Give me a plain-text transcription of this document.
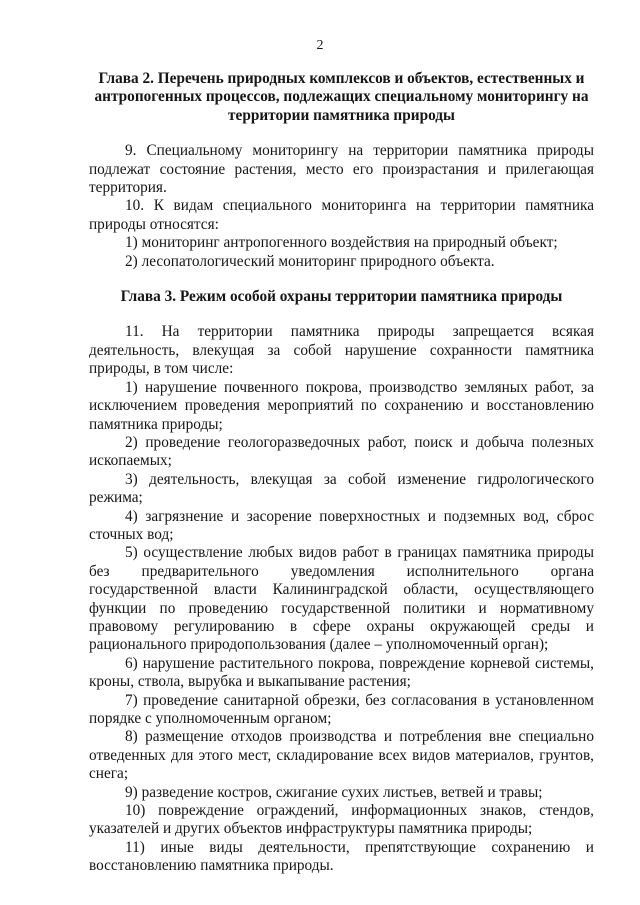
2
Глава 2. Перечень природных комплексов и объектов, естественных и антропогенных процессов, подлежащих специальному мониторингу на территории памятника природы

9. Специальному мониторингу на территории памятника природы подлежат состояние растения, место его произрастания и прилегающая территория.

10. К видам специального мониторинга на территории памятника природы относятся:

1) мониторинг антропогенного воздействия на природный объект;

2) лесопатологический мониторинг природного объекта.

Глава 3. Режим особой охраны территории памятника природы

11. На территории памятника природы запрещается всякая деятельность, влекущая за собой нарушение сохранности памятника природы, в том числе:

1) нарушение почвенного покрова, производство земляных работ, за исключением проведения мероприятий по сохранению и восстановлению памятника природы;

2) проведение геологоразведочных работ, поиск и добыча полезных ископаемых;

3) деятельность, влекущая за собой изменение гидрологического режима;

4) загрязнение и засорение поверхностных и подземных вод, сброс сточных вод;

5) осуществление любых видов работ в границах памятника природы без предварительного уведомления исполнительного органа государственной власти Калининградской области, осуществляющего функции по проведению государственной политики и нормативному правовому регулированию в сфере охраны окружающей среды и рационального природопользования (далее – уполномоченный орган);

6) нарушение растительного покрова, повреждение корневой системы, кроны, ствола, вырубка и выкапывание растения;

7) проведение санитарной обрезки, без согласования в установленном порядке с уполномоченным органом;

8) размещение отходов производства и потребления вне специально отведенных для этого мест, складирование всех видов материалов, грунтов, снега;

9) разведение костров, сжигание сухих листьев, ветвей и травы;

10) повреждение ограждений, информационных знаков, стендов, указателей и других объектов инфраструктуры памятника природы;

11) иные виды деятельности, препятствующие сохранению и восстановлению памятника природы.
